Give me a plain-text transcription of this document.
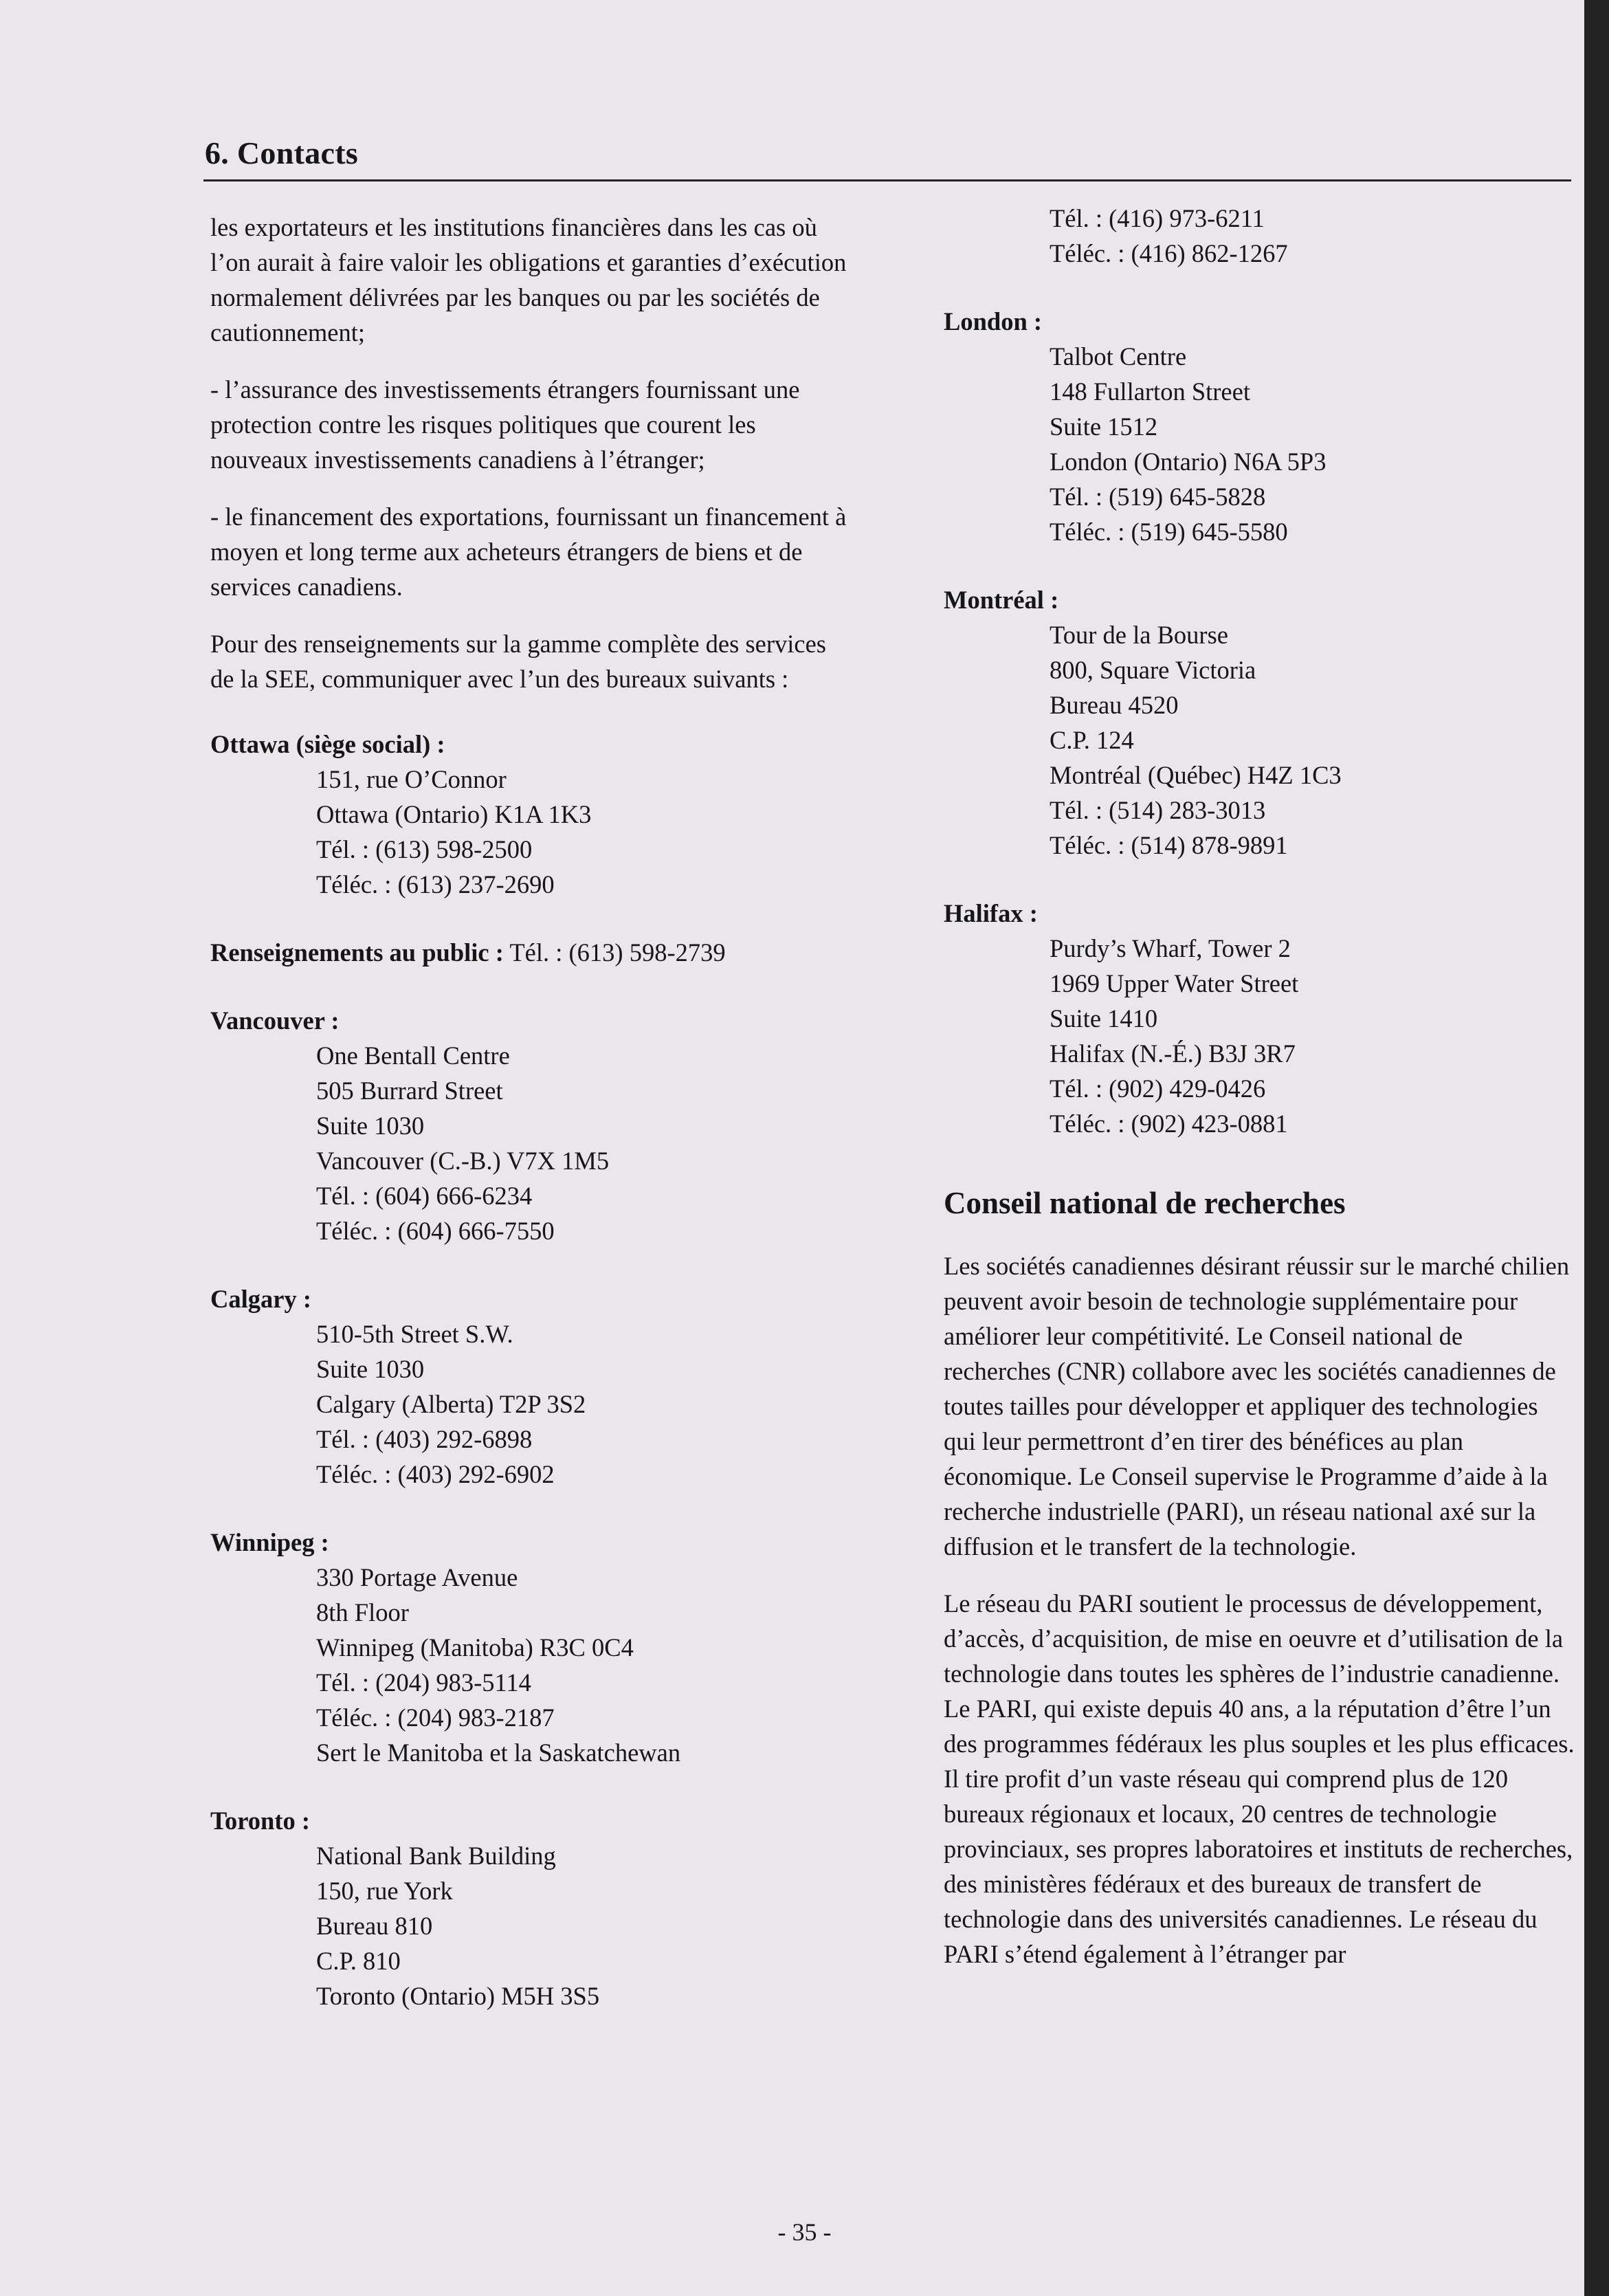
6. Contacts

les exportateurs et les institutions financières dans les cas où l’on aurait à faire valoir les obligations et garanties d’exécution normalement délivrées par les banques ou par les sociétés de cautionnement;

- l’assurance des investissements étrangers fournissant une protection contre les risques politiques que courent les nouveaux investissements canadiens à l’étranger;

- le financement des exportations, fournissant un financement à moyen et long terme aux acheteurs étrangers de biens et de services canadiens.

Pour des renseignements sur la gamme complète des services de la SEE, communiquer avec l’un des bureaux suivants :

Ottawa (siège social) :
151, rue O’Connor
Ottawa (Ontario) K1A 1K3
Tél. : (613) 598-2500
Téléc. : (613) 237-2690
Renseignements au public : Tél. : (613) 598-2739
Vancouver :
One Bentall Centre
505 Burrard Street
Suite 1030
Vancouver (C.-B.) V7X 1M5
Tél. : (604) 666-6234
Téléc. : (604) 666-7550
Calgary :
510-5th Street S.W.
Suite 1030
Calgary (Alberta) T2P 3S2
Tél. : (403) 292-6898
Téléc. : (403) 292-6902
Winnipeg :
330 Portage Avenue
8th Floor
Winnipeg (Manitoba) R3C 0C4
Tél. : (204) 983-5114
Téléc. : (204) 983-2187
Sert le Manitoba et la Saskatchewan
Toronto :
National Bank Building
150, rue York
Bureau 810
C.P. 810
Toronto (Ontario) M5H 3S5
Tél. : (416) 973-6211
Téléc. : (416) 862-1267
London :
Talbot Centre
148 Fullarton Street
Suite 1512
London (Ontario) N6A 5P3
Tél. : (519) 645-5828
Téléc. : (519) 645-5580
Montréal :
Tour de la Bourse
800, Square Victoria
Bureau 4520
C.P. 124
Montréal (Québec) H4Z 1C3
Tél. : (514) 283-3013
Téléc. : (514) 878-9891
Halifax :
Purdy’s Wharf, Tower 2
1969 Upper Water Street
Suite 1410
Halifax (N.-É.) B3J 3R7
Tél. : (902) 429-0426
Téléc. : (902) 423-0881
Conseil national de recherches

Les sociétés canadiennes désirant réussir sur le marché chilien peuvent avoir besoin de technologie supplémentaire pour améliorer leur compétitivité. Le Conseil national de recherches (CNR) collabore avec les sociétés canadiennes de toutes tailles pour développer et appliquer des technologies qui leur permettront d’en tirer des bénéfices au plan économique. Le Conseil supervise le Programme d’aide à la recherche industrielle (PARI), un réseau national axé sur la diffusion et le transfert de la technologie.

Le réseau du PARI soutient le processus de développement, d’accès, d’acquisition, de mise en oeuvre et d’utilisation de la technologie dans toutes les sphères de l’industrie canadienne. Le PARI, qui existe depuis 40 ans, a la réputation d’être l’un des programmes fédéraux les plus souples et les plus efficaces. Il tire profit d’un vaste réseau qui comprend plus de 120 bureaux régionaux et locaux, 20 centres de technologie provinciaux, ses propres laboratoires et instituts de recherches, des ministères fédéraux et des bureaux de transfert de technologie dans des universités canadiennes. Le réseau du PARI s’étend également à l’étranger par

- 35 -
